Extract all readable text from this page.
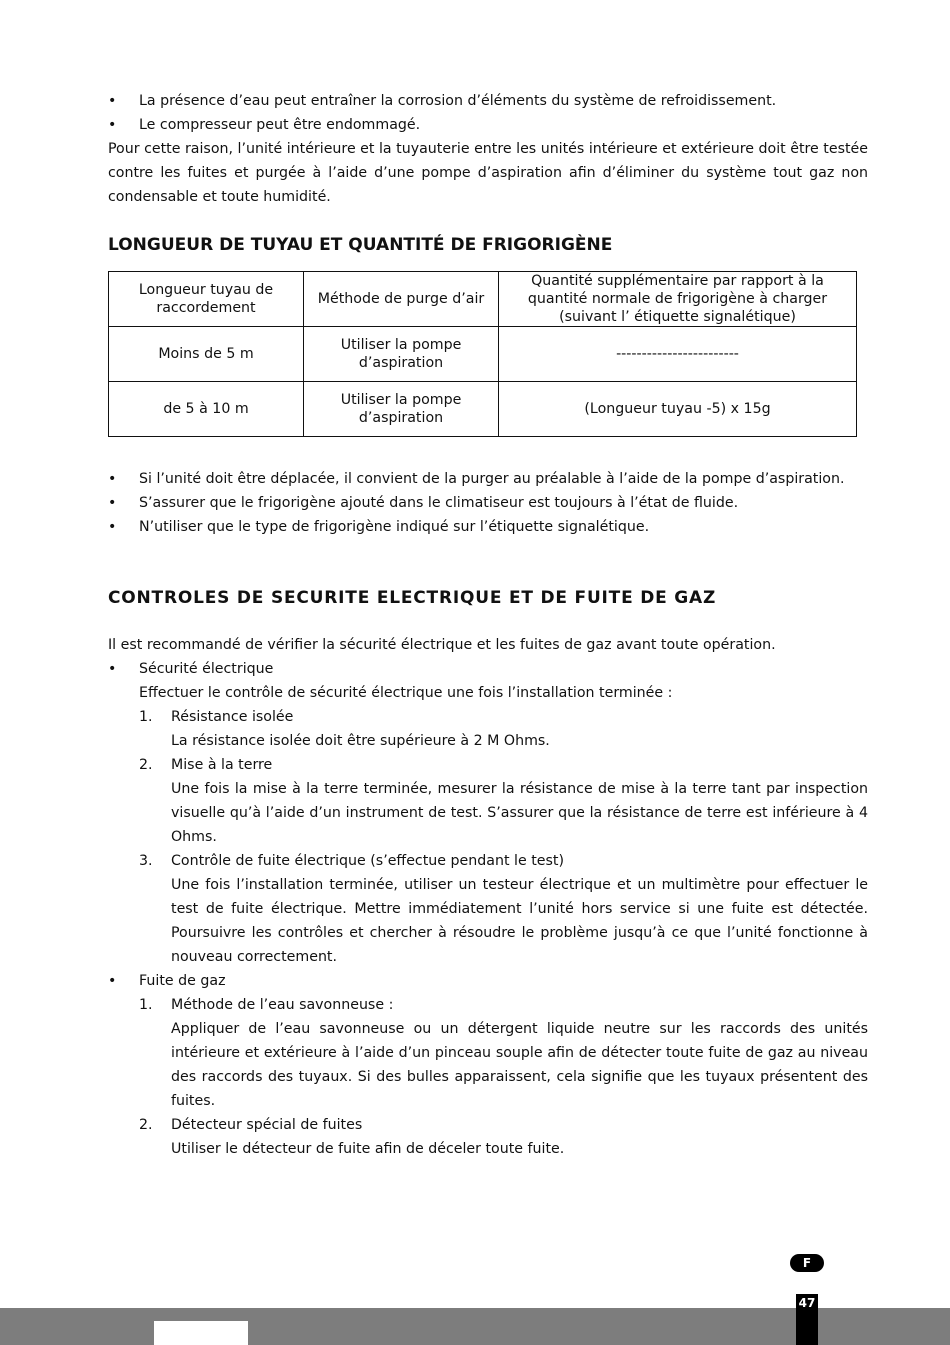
• La présence d’eau peut entraîner la corrosion d’éléments du système de refroidissement.
• Le compresseur peut être endommagé.
Pour cette raison, l’unité intérieure et la tuyauterie entre les unités intérieure et extérieure doit être testée contre les fuites et purgée à l’aide d’une pompe d’aspiration afin d’éliminer du système tout gaz non condensable et toute humidité.
LONGUEUR DE TUYAU ET QUANTITÉ DE FRIGORIGÈNE
Longueur tuyau de raccordement	Méthode de purge d’air	Quantité supplémentaire par rapport à la quantité normale de frigorigène à charger (suivant l’ étiquette signalétique)
Moins de 5 m	Utiliser la pompe d’aspiration	------------------------
de 5 à 10 m	Utiliser la pompe d’aspiration	(Longueur tuyau -5) x 15g
• Si l’unité doit être déplacée, il convient de la purger au préalable à l’aide de la pompe d’aspiration.
• S’assurer que le frigorigène ajouté dans le climatiseur est toujours à l’état de fluide.
• N’utiliser que le type de frigorigène indiqué sur l’étiquette signalétique.
CONTROLES DE SECURITE ELECTRIQUE ET DE FUITE DE GAZ
Il est recommandé de vérifier la sécurité électrique et les fuites de gaz avant toute opération.
• Sécurité électrique
Effectuer le contrôle de sécurité électrique une fois l’installation terminée :
1. Résistance isolée
La résistance isolée doit être supérieure à 2 M Ohms.
2. Mise à la terre
Une fois la mise à la terre terminée, mesurer la résistance de mise à la terre tant par inspection visuelle qu’à l’aide d’un instrument de test. S’assurer que la résistance de terre est inférieure à 4 Ohms.
3. Contrôle de fuite électrique (s’effectue pendant le test)
Une fois l’installation terminée, utiliser un testeur électrique et un multimètre pour effectuer le test de fuite électrique. Mettre immédiatement l’unité hors service si une fuite est détectée. Poursuivre les contrôles et chercher à résoudre le problème jusqu’à ce que l’unité fonctionne à nouveau correctement.
• Fuite de gaz
1. Méthode de l’eau savonneuse :
Appliquer de l’eau savonneuse ou un détergent liquide neutre sur les raccords des unités intérieure et extérieure à l’aide d’un pinceau souple afin de détecter toute fuite de gaz au niveau des raccords des tuyaux. Si des bulles apparaissent, cela signifie que les tuyaux présentent des fuites.
2. Détecteur spécial de fuites
Utiliser le détecteur de fuite afin de déceler toute fuite.
F
47
